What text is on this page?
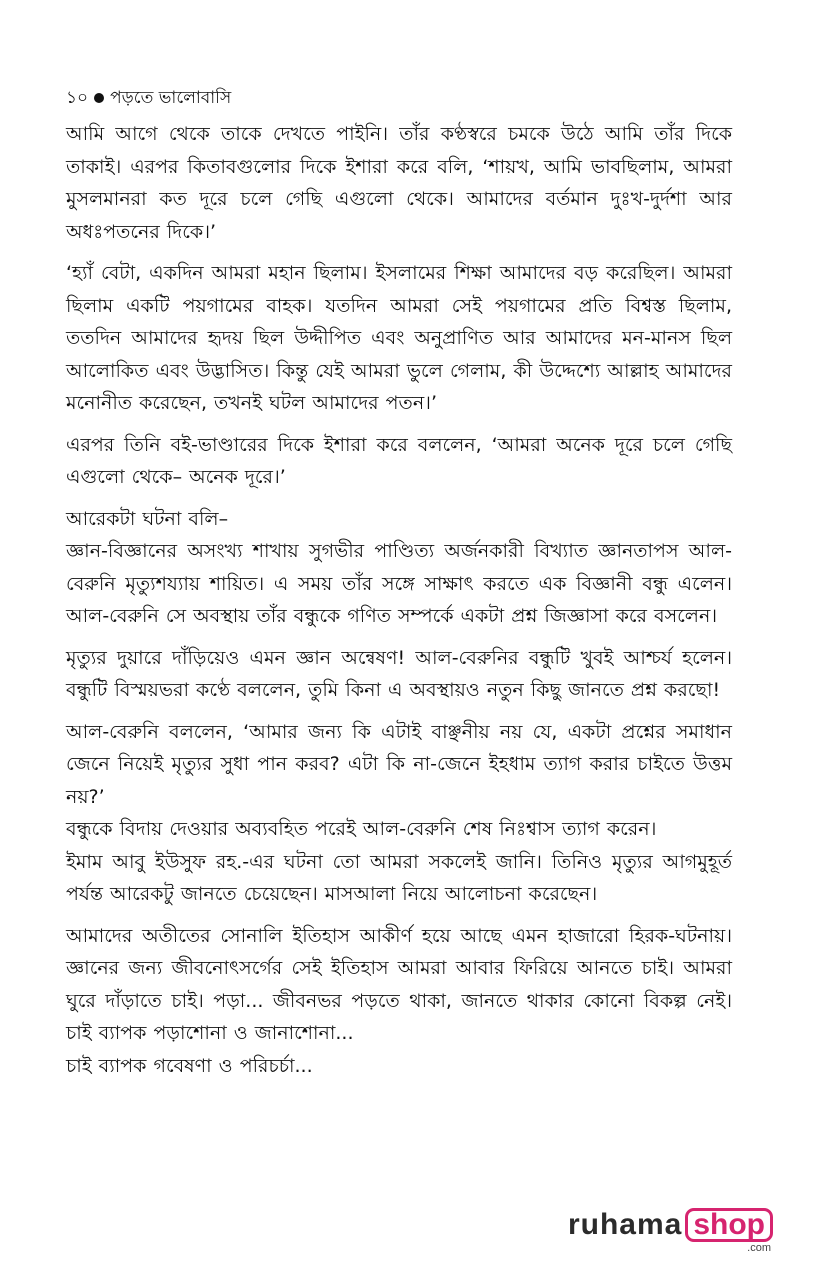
১০ পড়তে ভালোবাসি

আমি আগে থেকে তাকে দেখতে পাইনি। তাঁর কণ্ঠস্বরে চমকে উঠে আমি তাঁর দিকে তাকাই। এরপর কিতাবগুলোর দিকে ইশারা করে বলি, ‘শায়খ, আমি ভাবছিলাম, আমরা মুসলমানরা কত দূরে চলে গেছি এগুলো থেকে। আমাদের বর্তমান দুঃখ-দুর্দশা আর অধঃপতনের দিকে।’

‘হ্যাঁ বেটা, একদিন আমরা মহান ছিলাম। ইসলামের শিক্ষা আমাদের বড় করেছিল। আমরা ছিলাম একটি পয়গামের বাহক। যতদিন আমরা সেই পয়গামের প্রতি বিশ্বস্ত ছিলাম, ততদিন আমাদের হৃদয় ছিল উদ্দীপিত এবং অনুপ্রাণিত আর আমাদের মন-মানস ছিল আলোকিত এবং উদ্ভাসিত। কিন্তু যেই আমরা ভুলে গেলাম, কী উদ্দেশ্যে আল্লাহ আমাদের মনোনীত করেছেন, তখনই ঘটল আমাদের পতন।’

এরপর তিনি বই-ভাণ্ডারের দিকে ইশারা করে বললেন, ‘আমরা অনেক দূরে চলে গেছি এগুলো থেকে– অনেক দূরে।’

আরেকটা ঘটনা বলি–

জ্ঞান-বিজ্ঞানের অসংখ্য শাখায় সুগভীর পাণ্ডিত্য অর্জনকারী বিখ্যাত জ্ঞানতাপস আল-বেরুনি মৃত্যুশয্যায় শায়িত। এ সময় তাঁর সঙ্গে সাক্ষাৎ করতে এক বিজ্ঞানী বন্ধু এলেন। আল-বেরুনি সে অবস্থায় তাঁর বন্ধুকে গণিত সম্পর্কে একটা প্রশ্ন জিজ্ঞাসা করে বসলেন।

মৃত্যুর দুয়ারে দাঁড়িয়েও এমন জ্ঞান অন্বেষণ! আল-বেরুনির বন্ধুটি খুবই আশ্চর্য হলেন। বন্ধুটি বিস্ময়ভরা কণ্ঠে বললেন, তুমি কিনা এ অবস্থায়ও নতুন কিছু জানতে প্রশ্ন করছো!

আল-বেরুনি বললেন, ‘আমার জন্য কি এটাই বাঞ্ছনীয় নয় যে, একটা প্রশ্নের সমাধান জেনে নিয়েই মৃত্যুর সুধা পান করব? এটা কি না-জেনে ইহধাম ত্যাগ করার চাইতে উত্তম নয়?’

বন্ধুকে বিদায় দেওয়ার অব্যবহিত পরেই আল-বেরুনি শেষ নিঃশ্বাস ত্যাগ করেন।

ইমাম আবু ইউসুফ রহ.-এর ঘটনা তো আমরা সকলেই জানি। তিনিও মৃত্যুর আগমুহূর্ত পর্যন্ত আরেকটু জানতে চেয়েছেন। মাসআলা নিয়ে আলোচনা করেছেন।

আমাদের অতীতের সোনালি ইতিহাস আকীর্ণ হয়ে আছে এমন হাজারো হিরক-ঘটনায়। জ্ঞানের জন্য জীবনোৎসর্গের সেই ইতিহাস আমরা আবার ফিরিয়ে আনতে চাই। আমরা ঘুরে দাঁড়াতে চাই। পড়া... জীবনভর পড়তে থাকা, জানতে থাকার কোনো বিকল্প নেই। চাই ব্যাপক পড়াশোনা ও জানাশোনা...

চাই ব্যাপক গবেষণা ও পরিচর্চা...

ruhama shop
.com
